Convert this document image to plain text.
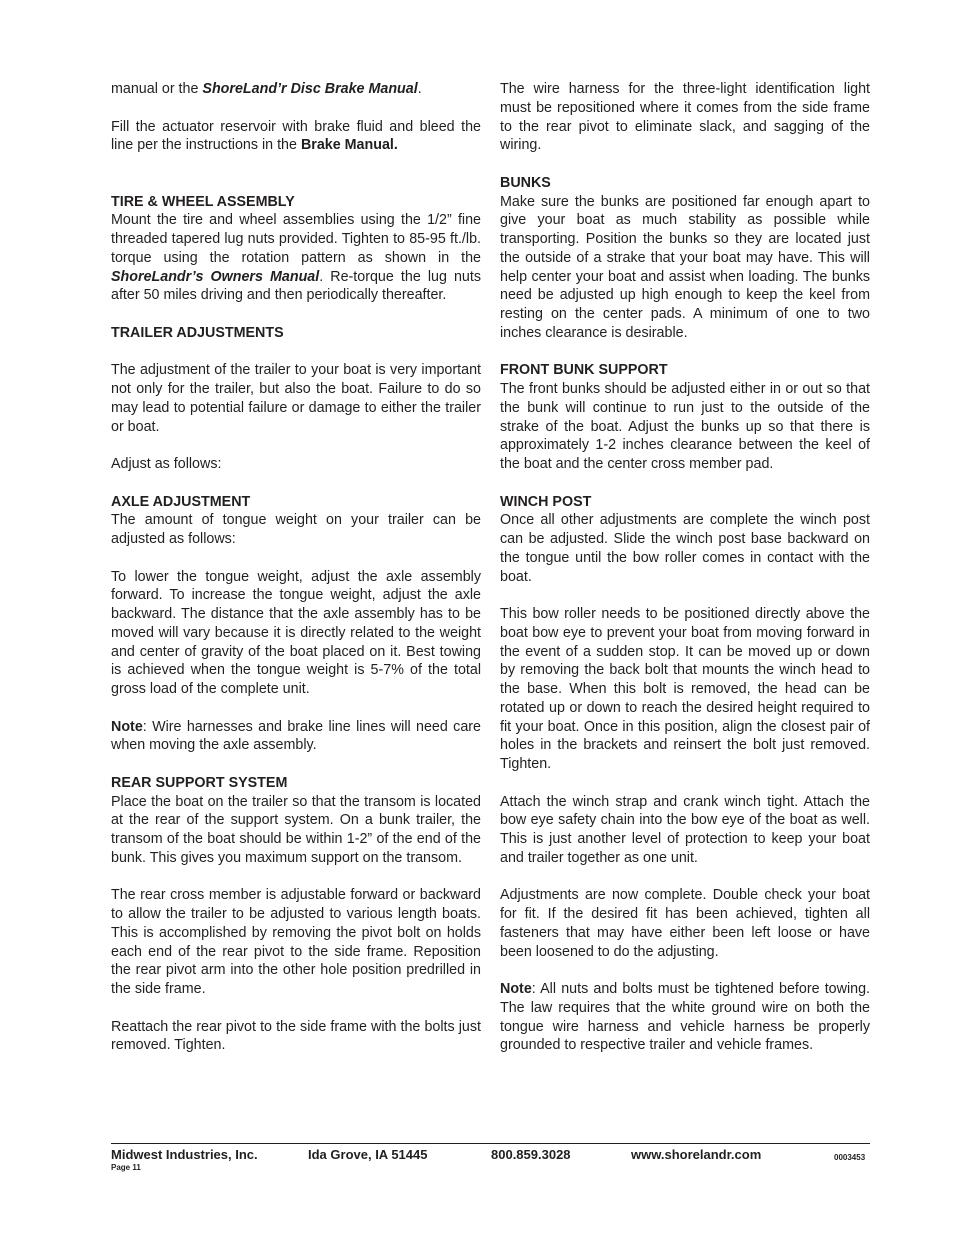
manual or the ShoreLand’r Disc Brake Manual.

Fill the actuator reservoir with brake fluid and bleed the line per the instructions in the Brake Manual.

TIRE & WHEEL ASSEMBLY

Mount the tire and wheel assemblies using the 1/2” fine threaded tapered lug nuts provided. Tighten to 85-95 ft./lb. torque using the rotation pattern as shown in the ShoreLandr’s Owners Manual. Re-torque the lug nuts after 50 miles driving and then periodically thereafter.

TRAILER ADJUSTMENTS

The adjustment of the trailer to your boat is very important not only for the trailer, but also the boat. Failure to do so may lead to potential failure or damage to either the trailer or boat.

Adjust as follows:

AXLE ADJUSTMENT

The amount of tongue weight on your trailer can be adjusted as follows:

To lower the tongue weight, adjust the axle assembly forward. To increase the tongue weight, adjust the axle backward. The distance that the axle assembly has to be moved will vary because it is directly related to the weight and center of gravity of the boat placed on it. Best towing is achieved when the tongue weight is 5-7% of the total gross load of the complete unit.

Note: Wire harnesses and brake line lines will need care when moving the axle assembly.

REAR SUPPORT SYSTEM

Place the boat on the trailer so that the transom is located at the rear of the support system. On a bunk trailer, the transom of the boat should be within 1-2” of the end of the bunk. This gives you maximum support on the transom.

The rear cross member is adjustable forward or backward to allow the trailer to be adjusted to various length boats. This is accomplished by removing the pivot bolt on holds each end of the rear pivot to the side frame. Reposition the rear pivot arm into the other hole position predrilled in the side frame.

Reattach the rear pivot to the side frame with the bolts just removed. Tighten.

The wire harness for the three-light identification light must be repositioned where it comes from the side frame to the rear pivot to eliminate slack, and sagging of the wiring.

BUNKS

Make sure the bunks are positioned far enough apart to give your boat as much stability as possible while transporting. Position the bunks so they are located just the outside of a strake that your boat may have. This will help center your boat and assist when loading. The bunks need be adjusted up high enough to keep the keel from resting on the center pads. A minimum of one to two inches clearance is desirable.

FRONT BUNK SUPPORT

The front bunks should be adjusted either in or out so that the bunk will continue to run just to the outside of the strake of the boat. Adjust the bunks up so that there is approximately 1-2 inches clearance between the keel of the boat and the center cross member pad.

WINCH POST

Once all other adjustments are complete the winch post can be adjusted. Slide the winch post base backward on the tongue until the bow roller comes in contact with the boat.

This bow roller needs to be positioned directly above the boat bow eye to prevent your boat from moving forward in the event of a sudden stop. It can be moved up or down by removing the back bolt that mounts the winch head to the base. When this bolt is removed, the head can be rotated up or down to reach the desired height required to fit your boat. Once in this position, align the closest pair of holes in the brackets and reinsert the bolt just removed. Tighten.

Attach the winch strap and crank winch tight. Attach the bow eye safety chain into the bow eye of the boat as well. This is just another level of protection to keep your boat and trailer together as one unit.

Adjustments are now complete. Double check your boat for fit. If the desired fit has been achieved, tighten all fasteners that may have either been left loose or have been loosened to do the adjusting.

Note: All nuts and bolts must be tightened before towing. The law requires that the white ground wire on both the tongue wire harness and vehicle harness be properly grounded to respective trailer and vehicle frames.

Midwest Industries, Inc.	Ida Grove, IA 51445	800.859.3028	www.shorelandr.com	0003453
Page 11
